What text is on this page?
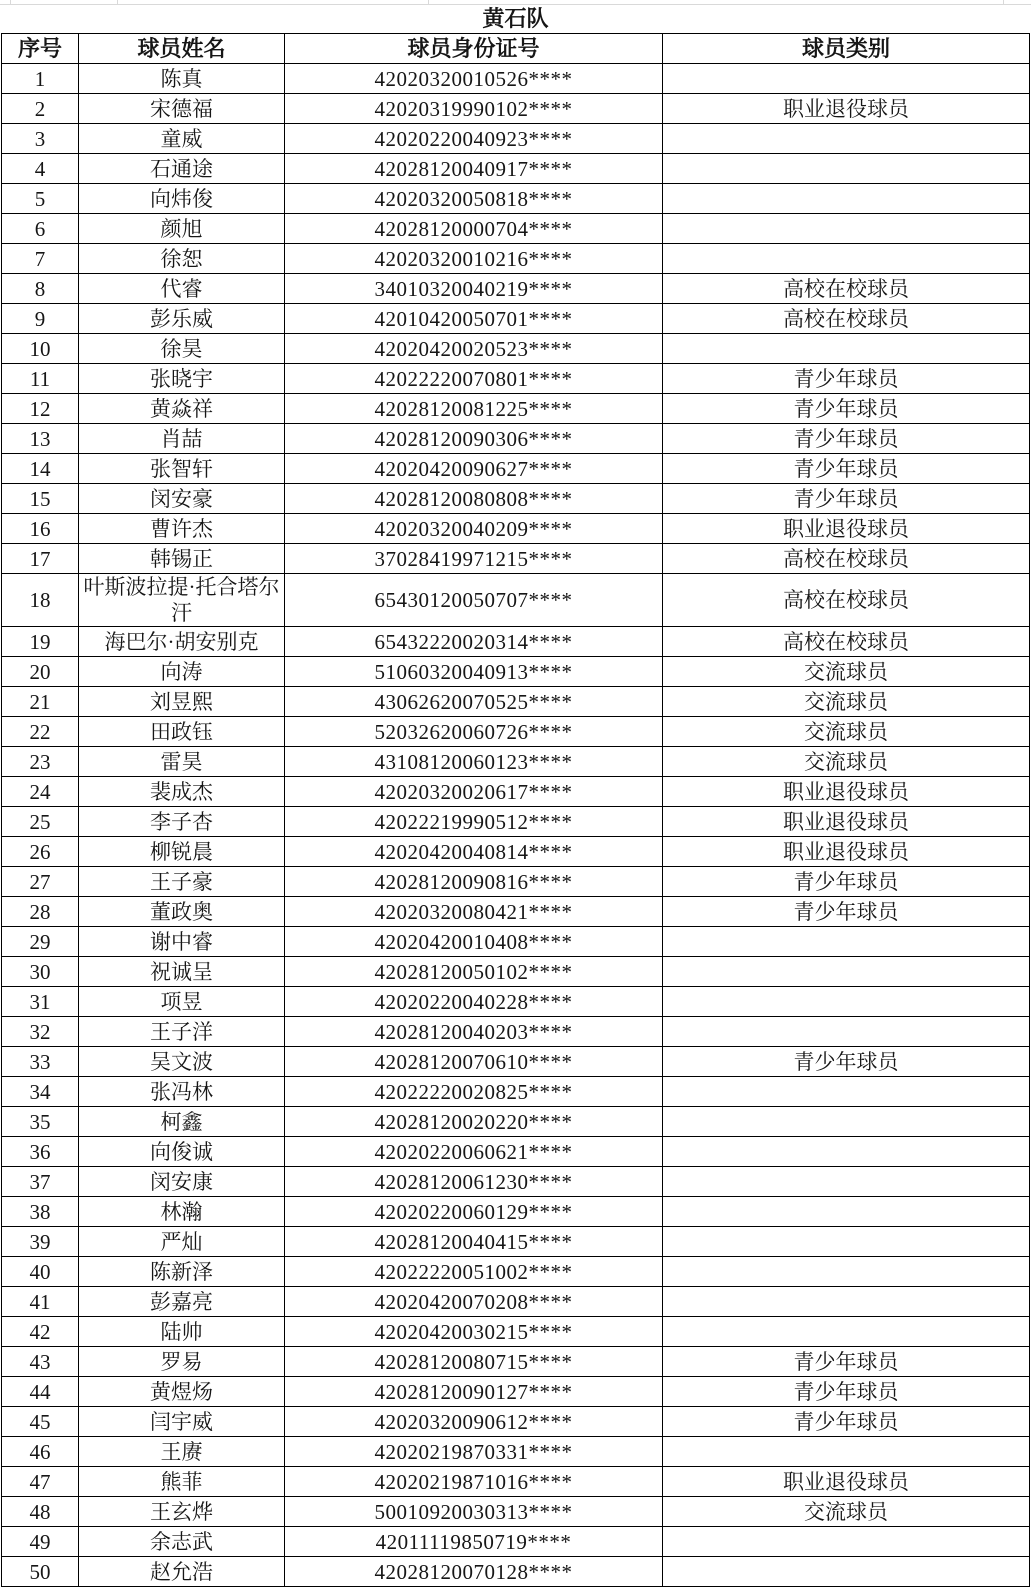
黄石队
序号	球员姓名	球员身份证号	球员类别
1	陈真	42020320010526****	
2	宋德福	42020319990102****	职业退役球员
3	童威	42020220040923****	
4	石通途	42028120040917****	
5	向炜俊	42020320050818****	
6	颜旭	42028120000704****	
7	徐恕	42020320010216****	
8	代睿	34010320040219****	高校在校球员
9	彭乐威	42010420050701****	高校在校球员
10	徐昊	42020420020523****	
11	张晓宇	42022220070801****	青少年球员
12	黄焱祥	42028120081225****	青少年球员
13	肖喆	42028120090306****	青少年球员
14	张智轩	42020420090627****	青少年球员
15	闵安豪	42028120080808****	青少年球员
16	曹许杰	42020320040209****	职业退役球员
17	韩锡正	37028419971215****	高校在校球员
18	叶斯波拉提·托合塔尔汗	65430120050707****	高校在校球员
19	海巴尔·胡安别克	65432220020314****	高校在校球员
20	向涛	51060320040913****	交流球员
21	刘昱熙	43062620070525****	交流球员
22	田政钰	52032620060726****	交流球员
23	雷昊	43108120060123****	交流球员
24	裴成杰	42020320020617****	职业退役球员
25	李子杏	42022219990512****	职业退役球员
26	柳锐晨	42020420040814****	职业退役球员
27	王子豪	42028120090816****	青少年球员
28	董政奥	42020320080421****	青少年球员
29	谢中睿	42020420010408****	
30	祝诚呈	42028120050102****	
31	项昱	42020220040228****	
32	王子洋	42028120040203****	
33	吴文波	42028120070610****	青少年球员
34	张冯林	42022220020825****	
35	柯鑫	42028120020220****	
36	向俊诚	42020220060621****	
37	闵安康	42028120061230****	
38	林瀚	42020220060129****	
39	严灿	42028120040415****	
40	陈新泽	42022220051002****	
41	彭嘉亮	42020420070208****	
42	陆帅	42020420030215****	
43	罗易	42028120080715****	青少年球员
44	黄煜炀	42028120090127****	青少年球员
45	闫宇威	42020320090612****	青少年球员
46	王赓	42020219870331****	
47	熊菲	42020219871016****	职业退役球员
48	王玄烨	50010920030313****	交流球员
49	余志武	42011119850719****	
50	赵允浩	42028120070128****	
